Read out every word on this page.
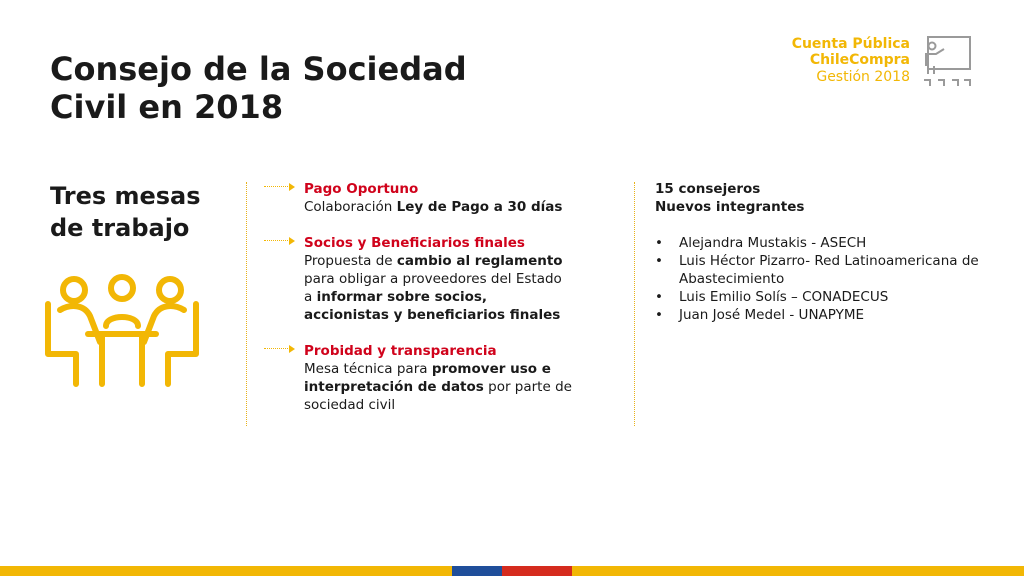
Consejo de la Sociedad
Civil en 2018
Cuenta Pública
ChileCompra
Gestión 2018
Tres mesas
de trabajo
Pago Oportuno
Colaboración Ley de Pago a 30 días
Socios y Beneficiarios finales
Propuesta de cambio al reglamento para obligar a proveedores del Estado a informar sobre socios, accionistas y beneficiarios finales
Probidad y transparencia
Mesa técnica para promover uso e interpretación de datos por parte de sociedad civil
15 consejeros
Nuevos integrantes
• Alejandra Mustakis - ASECH
• Luis Héctor Pizarro- Red Latinoamericana de Abastecimiento
• Luis Emilio Solís – CONADECUS
• Juan José Medel - UNAPYME
